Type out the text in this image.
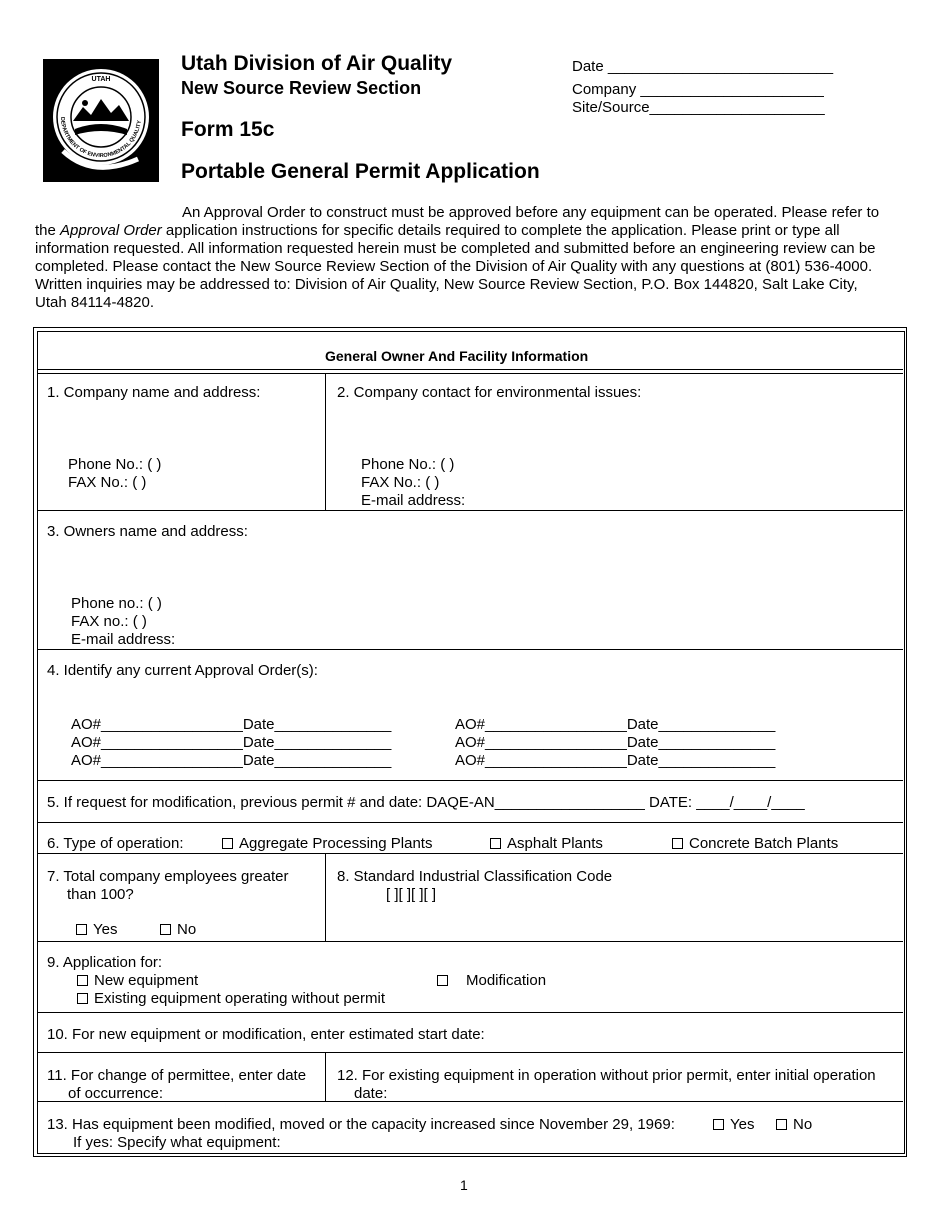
UTAH
DEPARTMENT OF ENVIRONMENTAL QUALITY
Utah Division of Air Quality
New Source Review Section
Form 15c
Portable General Permit Application
Date ___________________________
Company ______________________
Site/Source_____________________

An Approval Order to construct must be approved before any equipment can be operated. Please refer to the Approval Order application instructions for specific details required to complete the application. Please print or type all information requested. All information requested herein must be completed and submitted before an engineering review can be completed. Please contact the New Source Review Section of the Division of Air Quality with any questions at (801) 536-4000. Written inquiries may be addressed to: Division of Air Quality, New Source Review Section, P.O. Box 144820, Salt Lake City, Utah 84114-4820.

General Owner And Facility Information
1. Company name and address:
Phone No.: ( )
FAX No.: ( )
2. Company contact for environmental issues:
Phone No.: ( )
FAX No.: ( )
E-mail address:
3. Owners name and address:
Phone no.: ( )
FAX no.: ( )
E-mail address:
4. Identify any current Approval Order(s):
AO#_________________Date______________
AO#_________________Date______________
AO#_________________Date______________
AO#_________________Date______________
AO#_________________Date______________
AO#_________________Date______________
5. If request for modification, previous permit # and date: DAQE-AN__________________ DATE: ____/____/____
6. Type of operation:	Aggregate Processing Plants	Asphalt Plants	Concrete Batch Plants
7. Total company employees greater
than 100?
Yes	No
8. Standard Industrial Classification Code
[ ][ ][ ][ ]
9. Application for:
New equipment
Existing equipment operating without permit
Modification
10. For new equipment or modification, enter estimated start date:
11. For change of permittee, enter date
of occurrence:
12. For existing equipment in operation without prior permit, enter initial operation
date:
13. Has equipment been modified, moved or the capacity increased since November 29, 1969:	Yes	No
If yes: Specify what equipment:
1
